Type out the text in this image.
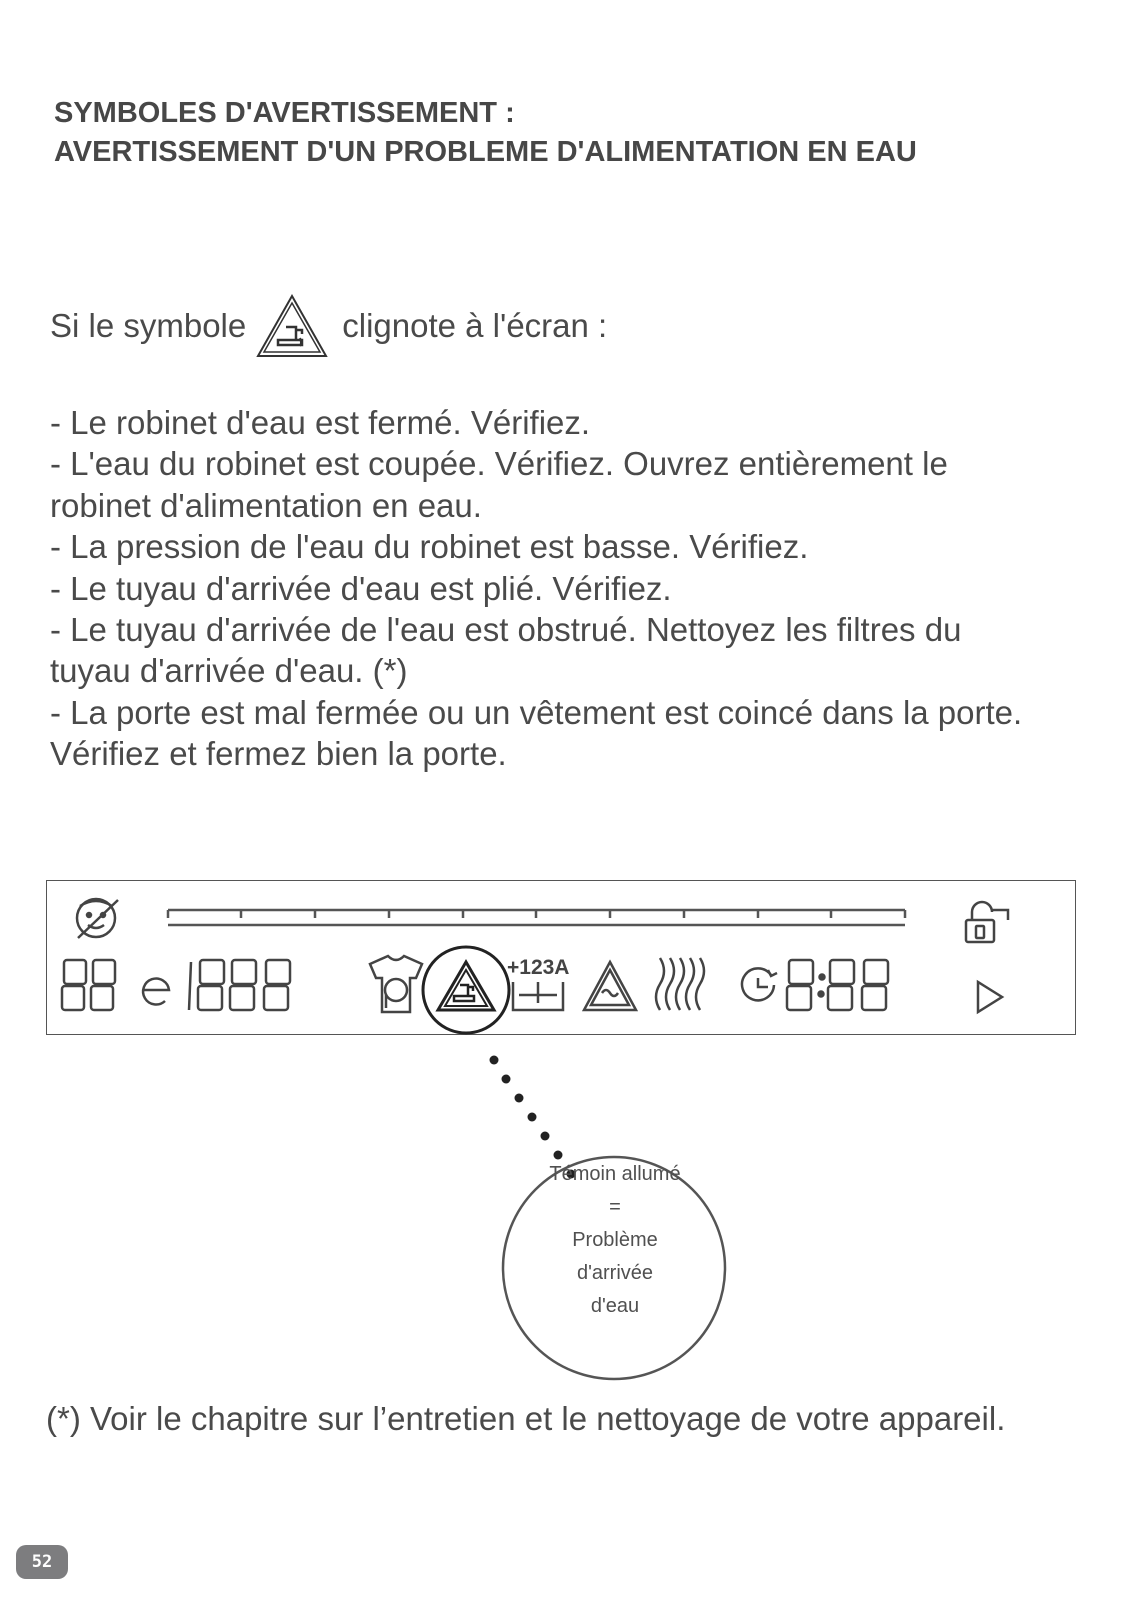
SYMBOLES D'AVERTISSEMENT :
AVERTISSEMENT D'UN PROBLEME D'ALIMENTATION EN EAU
Si le symbole	clignote à l'écran :

- Le robinet d'eau est fermé. Vérifiez.

- L'eau du robinet est coupée. Vérifiez. Ouvrez entièrement le

robinet d'alimentation en eau.

- La pression de l'eau du robinet est basse. Vérifiez.

- Le tuyau d'arrivée d'eau est plié. Vérifiez.

- Le tuyau d'arrivée de l'eau est obstrué. Nettoyez les filtres du

tuyau d'arrivée d'eau. (*)

- La porte est mal fermée ou un vêtement est coincé dans la porte.

Vérifiez et fermez bien la porte.

+123A
Témoin allumé
=
Problème
d'arrivée
d'eau
(*) Voir le chapitre sur l’entretien et le nettoyage de votre appareil.
52
